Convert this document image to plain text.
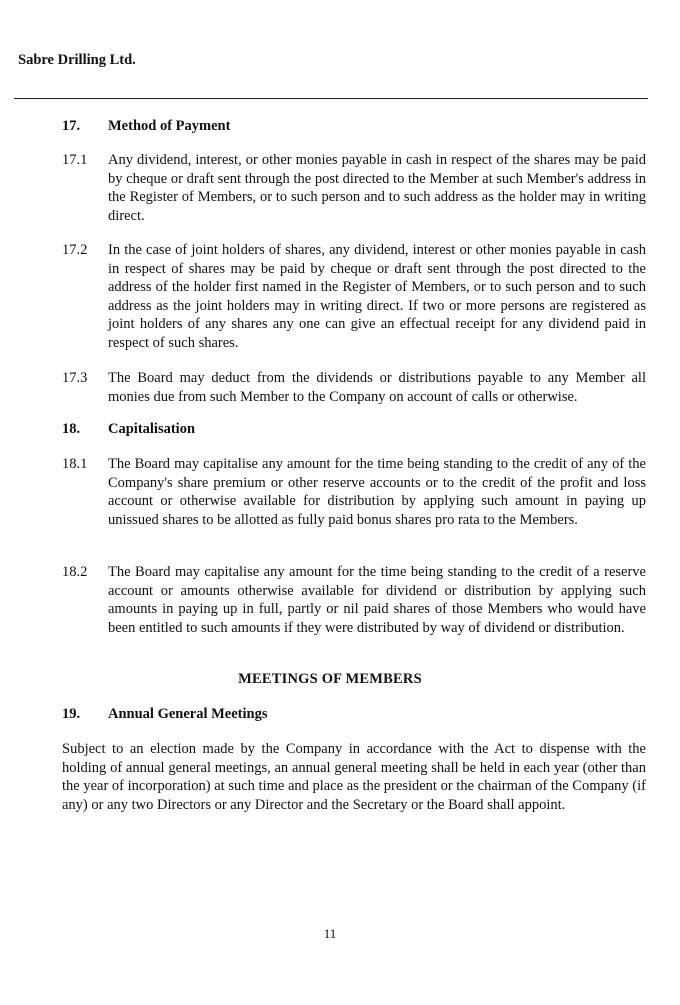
Sabre Drilling Ltd.
17. Method of Payment
17.1 Any dividend, interest, or other monies payable in cash in respect of the shares may be paid by cheque or draft sent through the post directed to the Member at such Member's address in the Register of Members, or to such person and to such address as the holder may in writing direct.
17.2 In the case of joint holders of shares, any dividend, interest or other monies payable in cash in respect of shares may be paid by cheque or draft sent through the post directed to the address of the holder first named in the Register of Members, or to such person and to such address as the joint holders may in writing direct. If two or more persons are registered as joint holders of any shares any one can give an effectual receipt for any dividend paid in respect of such shares.
17.3 The Board may deduct from the dividends or distributions payable to any Member all monies due from such Member to the Company on account of calls or otherwise.
18. Capitalisation
18.1 The Board may capitalise any amount for the time being standing to the credit of any of the Company's share premium or other reserve accounts or to the credit of the profit and loss account or otherwise available for distribution by applying such amount in paying up unissued shares to be allotted as fully paid bonus shares pro rata to the Members.
18.2 The Board may capitalise any amount for the time being standing to the credit of a reserve account or amounts otherwise available for dividend or distribution by applying such amounts in paying up in full, partly or nil paid shares of those Members who would have been entitled to such amounts if they were distributed by way of dividend or distribution.
MEETINGS OF MEMBERS
19. Annual General Meetings
Subject to an election made by the Company in accordance with the Act to dispense with the holding of annual general meetings, an annual general meeting shall be held in each year (other than the year of incorporation) at such time and place as the president or the chairman of the Company (if any) or any two Directors or any Director and the Secretary or the Board shall appoint.
11
